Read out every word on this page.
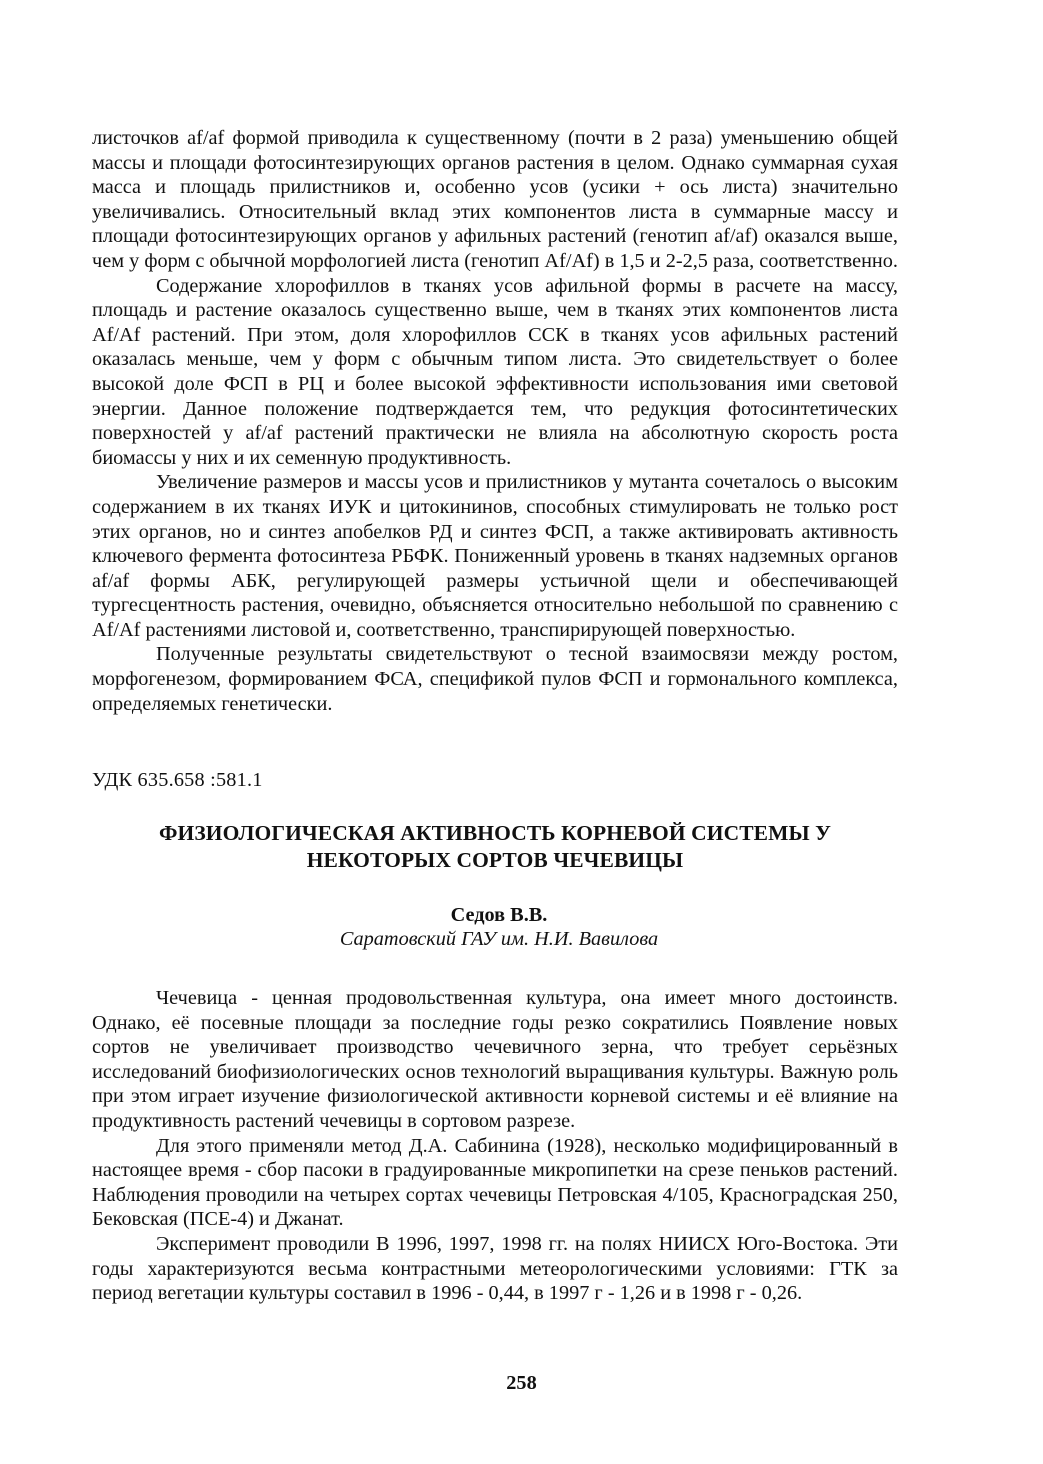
листочков af/af формой приводила к существенному (почти в 2 раза) уменьшению общей массы и площади фотосинтезирующих органов растения в целом. Однако суммарная сухая масса и площадь прилистников и, особенно усов (усики + ось листа) значительно увеличивались. Относительный вклад этих компонентов листа в суммарные массу и площади фотосинтезирующих органов у афильных растений (генотип af/af) оказался выше, чем у форм с обычной морфологией листа (генотип Af/Af) в 1,5 и 2-2,5 раза, соответственно.

Содержание хлорофиллов в тканях усов афильной формы в расчете на массу, площадь и растение оказалось существенно выше, чем в тканях этих компонентов листа Af/Af растений. При этом, доля хлорофиллов ССК в тканях усов афильных растений оказалась меньше, чем у форм с обычным типом листа. Это свидетельствует о более высокой доле ФСП в РЦ и более высокой эффективности использования ими световой энергии. Данное положение подтверждается тем, что редукция фотосинтетических поверхностей у af/af растений практически не влияла на абсолютную скорость роста биомассы у них и их семенную продуктивность.

Увеличение размеров и массы усов и прилистников у мутанта сочеталось о высоким содержанием в их тканях ИУК и цитокининов, способных стимулировать не только рост этих органов, но и синтез апобелков РД и синтез ФСП, а также активировать активность ключевого фермента фотосинтеза РБФК. Пониженный уровень в тканях надземных органов af/af формы АБК, регулирующей размеры устьичной щели и обеспечивающей тургесцентность растения, очевидно, объясняется относительно небольшой по сравнению с Af/Af растениями листовой и, соответственно, транспирирующей поверхностью.

Полученные результаты свидетельствуют о тесной взаимосвязи между ростом, морфогенезом, формированием ФСА, спецификой пулов ФСП и гормонального комплекса, определяемых генетически.

УДК 635.658 :581.1
ФИЗИОЛОГИЧЕСКАЯ АКТИВНОСТЬ КОРНЕВОЙ СИСТЕМЫ У НЕКОТОРЫХ СОРТОВ ЧЕЧЕВИЦЫ
Седов В.В.
Саратовский ГАУ им. Н.И. Вавилова

Чечевица - ценная продовольственная культура, она имеет много достоинств. Однако, её посевные площади за последние годы резко сократились Появление новых сортов не увеличивает производство чечевичного зерна, что требует серьёзных исследований биофизиологических основ технологий выращивания культуры. Важную роль при этом играет изучение физиологической активности корневой системы и её влияние на продуктивность растений чечевицы в сортовом разрезе.

Для этого применяли метод Д.А. Сабинина (1928), несколько модифицированный в настоящее время - сбор пасоки в градуированные микропипетки на срезе пеньков растений. Наблюдения проводили на четырех сортах чечевицы Петровская 4/105, Красноградская 250, Бековская (ПСЕ-4) и Джанат.

Эксперимент проводили В 1996, 1997, 1998 гг. на полях НИИСХ Юго-Востока. Эти годы характеризуются весьма контрастными метеорологическими условиями: ГТК за период вегетации культуры составил в 1996 - 0,44, в 1997 г - 1,26 и в 1998 г - 0,26.

258
